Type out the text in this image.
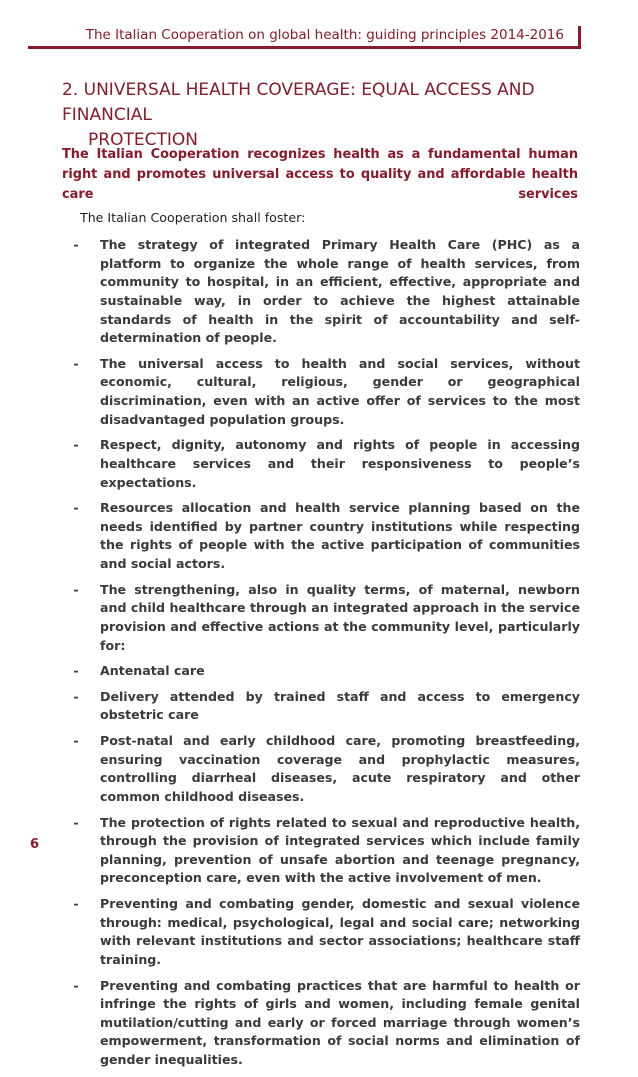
The Italian Cooperation on global health: guiding principles 2014-2016
2. UNIVERSAL HEALTH COVERAGE: EQUAL ACCESS AND FINANCIAL
PROTECTION

The Italian Cooperation recognizes health as a fundamental human right and promotes universal access to quality and affordable health care services

The Italian Cooperation shall foster:

-	The strategy of integrated Primary Health Care (PHC) as a platform to organize the whole range of health services, from community to hospital, in an efficient, effective, appropriate and sustainable way, in order to achieve the highest attainable standards of health in the spirit of accountability and self-determination of people.
-	The universal access to health and social services, without economic, cultural, religious, gender or geographical discrimination, even with an active offer of services to the most disadvantaged population groups.
-	Respect, dignity, autonomy and rights of people in accessing healthcare services and their responsiveness to people’s expectations.
-	Resources allocation and health service planning based on the needs identified by partner country institutions while respecting the rights of people with the active participation of communities and social actors.
-	The strengthening, also in quality terms, of maternal, newborn and child healthcare through an integrated approach in the service provision and effective actions at the community level, particularly for:
-	Antenatal care
-	Delivery attended by trained staff and access to emergency obstetric care
-	Post-natal and early childhood care, promoting breastfeeding, ensuring vaccination coverage and prophylactic measures, controlling diarrheal diseases, acute respiratory and other common childhood diseases.
-	The protection of rights related to sexual and reproductive health, through the provision of integrated services which include family planning, prevention of unsafe abortion and teenage pregnancy, preconception care, even with the active involvement of men.
-	Preventing and combating gender, domestic and sexual violence through: medical, psychological, legal and social care; networking with relevant institutions and sector associations; healthcare staff training.
-	Preventing and combating practices that are harmful to health or infringe the rights of girls and women, including female genital mutilation/cutting and early or forced marriage through women’s empowerment, transformation of social norms and elimination of gender inequalities.
6
